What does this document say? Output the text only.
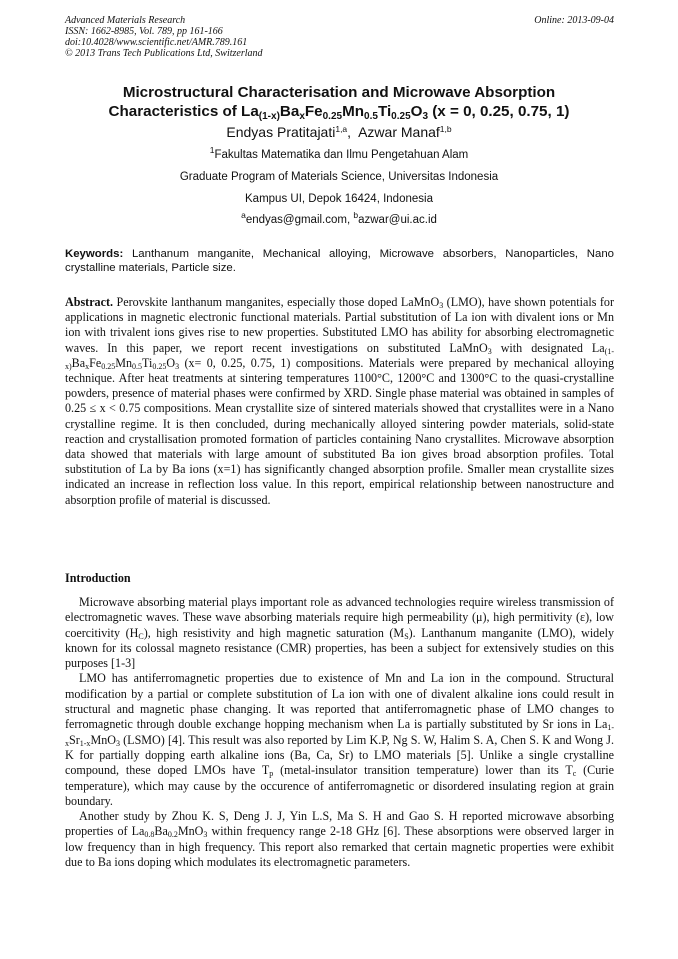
Advanced Materials Research
ISSN: 1662-8985, Vol. 789, pp 161-166
doi:10.4028/www.scientific.net/AMR.789.161
© 2013 Trans Tech Publications Ltd, Switzerland
Online: 2013-09-04
Microstructural Characterisation and Microwave Absorption
Characteristics of $La_{(1-x)}Ba_xFe_{0.25}Mn_{0.5}Ti_{0.25}O_3$ (x = 0, 0.25, 0.75, 1)
Endyas Pratitajati$^{1,a}$,  Azwar Manaf$^{1,b}$
$^1$Fakultas Matematika dan Ilmu Pengetahuan Alam
Graduate Program of Materials Science, Universitas Indonesia
Kampus UI, Depok 16424, Indonesia
$^a$endyas@gmail.com, $^b$azwar@ui.ac.id
Keywords: Lanthanum manganite, Mechanical alloying, Microwave absorbers, Nanoparticles, Nano crystalline materials, Particle size.
Abstract. Perovskite lanthanum manganites, especially those doped LaMnO$_3$ (LMO), have shown potentials for applications in magnetic electronic functional materials. Partial substitution of La ion with divalent ions or Mn ion with trivalent ions gives rise to new properties. Substituted LMO has ability for absorbing electromagnetic waves. In this paper, we report recent investigations on substituted LaMnO$_3$ with designated $La_{(1-x)}Ba_xFe_{0.25}Mn_{0.5}Ti_{0.25}O_3$ (x= 0, 0.25, 0.75, 1) compositions. Materials were prepared by mechanical alloying technique. After heat treatments at sintering temperatures 1100°C, 1200°C and 1300°C to the quasi-crystalline powders, presence of material phases were confirmed by XRD. Single phase material was obtained in samples of 0.25 ≤ x < 0.75 compositions. Mean crystallite size of sintered materials showed that crystallites were in a Nano crystalline regime. It is then concluded, during mechanically alloyed sintering powder materials, solid-state reaction and crystallisation promoted formation of particles containing Nano crystallites. Microwave absorption data showed that materials with large amount of substituted Ba ion gives broad absorption profiles. Total substitution of La by Ba ions (x=1) has significantly changed absorption profile. Smaller mean crystallite sizes indicated an increase in reflection loss value. In this report, empirical relationship between nanostructure and absorption profile of material is discussed.
Introduction

Microwave absorbing material plays important role as advanced technologies require wireless transmission of electromagnetic waves. These wave absorbing materials require high permeability (μ), high permitivity (ε), low coercitivity $(H_C)$, high resistivity and high magnetic saturation $(M_S)$. Lanthanum manganite (LMO), widely known for its colossal magneto resistance (CMR) properties, has been a subject for extensively studies on this purposes [1-3]

LMO has antiferromagnetic properties due to existence of Mn and La ion in the compound. Structural modification by a partial or complete substitution of La ion with one of divalent alkaline ions could result in structural and magnetic phase changing. It was reported that antiferromagnetic phase of LMO changes to ferromagnetic through double exchange hopping mechanism when La is partially substituted by Sr ions in $La_{1-x}Sr_{1-x}MnO_3$ (LSMO) [4]. This result was also reported by Lim K.P, Ng S. W, Halim S. A, Chen S. K and Wong J. K for partially dopping earth alkaline ions (Ba, Ca, Sr) to LMO materials [5]. Unlike a single crystalline compound, these doped LMOs have $T_p$ (metal-insulator transition temperature) lower than its $T_c$ (Curie temperature), which may cause by the occurence of antiferromagnetic or disordered insulating region at grain boundary.

Another study by Zhou K. S, Deng J. J, Yin L.S, Ma S. H and Gao S. H reported microwave absorbing properties of $La_{0.8}Ba_{0.2}MnO_3$ within frequency range 2-18 GHz [6]. These absorptions were observed larger in low frequency than in high frequency. This report also remarked that certain magnetic properties were exhibit due to Ba ions doping which modulates its electromagnetic parameters.
